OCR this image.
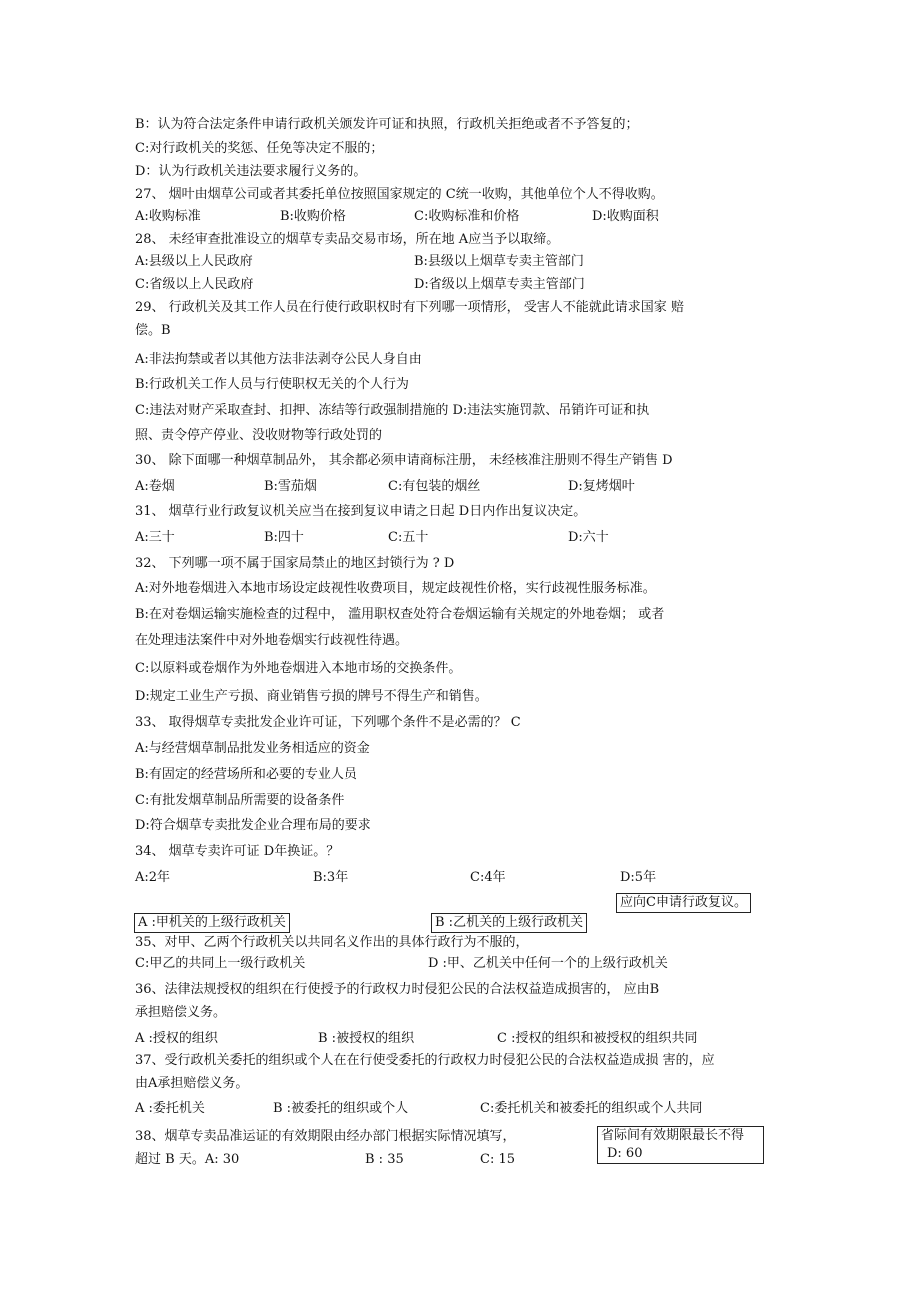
B：认为符合法定条件申请行政机关颁发许可证和执照，行政机关拒绝或者不予答复的；
C:对行政机关的奖惩、任免等决定不服的；
D：认为行政机关违法要求履行义务的。
27、 烟叶由烟草公司或者其委托单位按照国家规定的 C统一收购，其他单位个人不得收购。
A:收购标准	B:收购价格	C:收购标准和价格	D:收购面积
28、 未经审查批准设立的烟草专卖品交易市场，所在地 A应当予以取缔。
A:县级以上人民政府	B:县级以上烟草专卖主管部门
C:省级以上人民政府	D:省级以上烟草专卖主管部门
29、 行政机关及其工作人员在行使行政职权时有下列哪一项情形， 受害人不能就此请求国家 赔
偿。B
A:非法拘禁或者以其他方法非法剥夺公民人身自由
B:行政机关工作人员与行使职权无关的个人行为
C:违法对财产采取查封、扣押、冻结等行政强制措施的 D:违法实施罚款、吊销许可证和执
照、责令停产停业、没收财物等行政处罚的
30、 除下面哪一种烟草制品外， 其余都必须申请商标注册， 未经核准注册则不得生产销售 D
A:卷烟	B:雪茄烟	C:有包装的烟丝	D:复烤烟叶
31、 烟草行业行政复议机关应当在接到复议申请之日起 D日内作出复议决定。
A:三十	B:四十	C:五十	D:六十
32、 下列哪一项不属于国家局禁止的地区封锁行为 ? D
A:对外地卷烟进入本地市场设定歧视性收费项目，规定歧视性价格，实行歧视性服务标准。
B:在对卷烟运输实施检查的过程中， 滥用职权查处符合卷烟运输有关规定的外地卷烟； 或者
在处理违法案件中对外地卷烟实行歧视性待遇。
C:以原料或卷烟作为外地卷烟进入本地市场的交换条件。
D:规定工业生产亏损、商业销售亏损的牌号不得生产和销售。
33、 取得烟草专卖批发企业许可证，下列哪个条件不是必需的？ C
A:与经营烟草制品批发业务相适应的资金
B:有固定的经营场所和必要的专业人员
C:有批发烟草制品所需要的设备条件
D:符合烟草专卖批发企业合理布局的要求
34、 烟草专卖许可证 D年换证。？
A:2年	B:3年	C:4年	D:5年
应向C申请行政复议。
A :甲机关的上级行政机关	B :乙机关的上级行政机关
35、对甲、乙两个行政机关以共同名义作出的具体行政行为不服的，
C:甲乙的共同上一级行政机关	D :甲、乙机关中任何一个的上级行政机关
36、法律法规授权的组织在行使授予的行政权力时侵犯公民的合法权益造成损害的， 应由B
承担赔偿义务。
A :授权的组织	B :被授权的组织	C :授权的组织和被授权的组织共同
37、受行政机关委托的组织或个人在在行使受委托的行政权力时侵犯公民的合法权益造成损 害的，应
由A承担赔偿义务。
A :委托机关	B :被委托的组织或个人	C:委托机关和被委托的组织或个人共同
38、烟草专卖品准运证的有效期限由经办部门根据实际情况填写，
超过 B 天。A: 30	B : 35	C: 15
省际间有效期限最长不得
D: 60
